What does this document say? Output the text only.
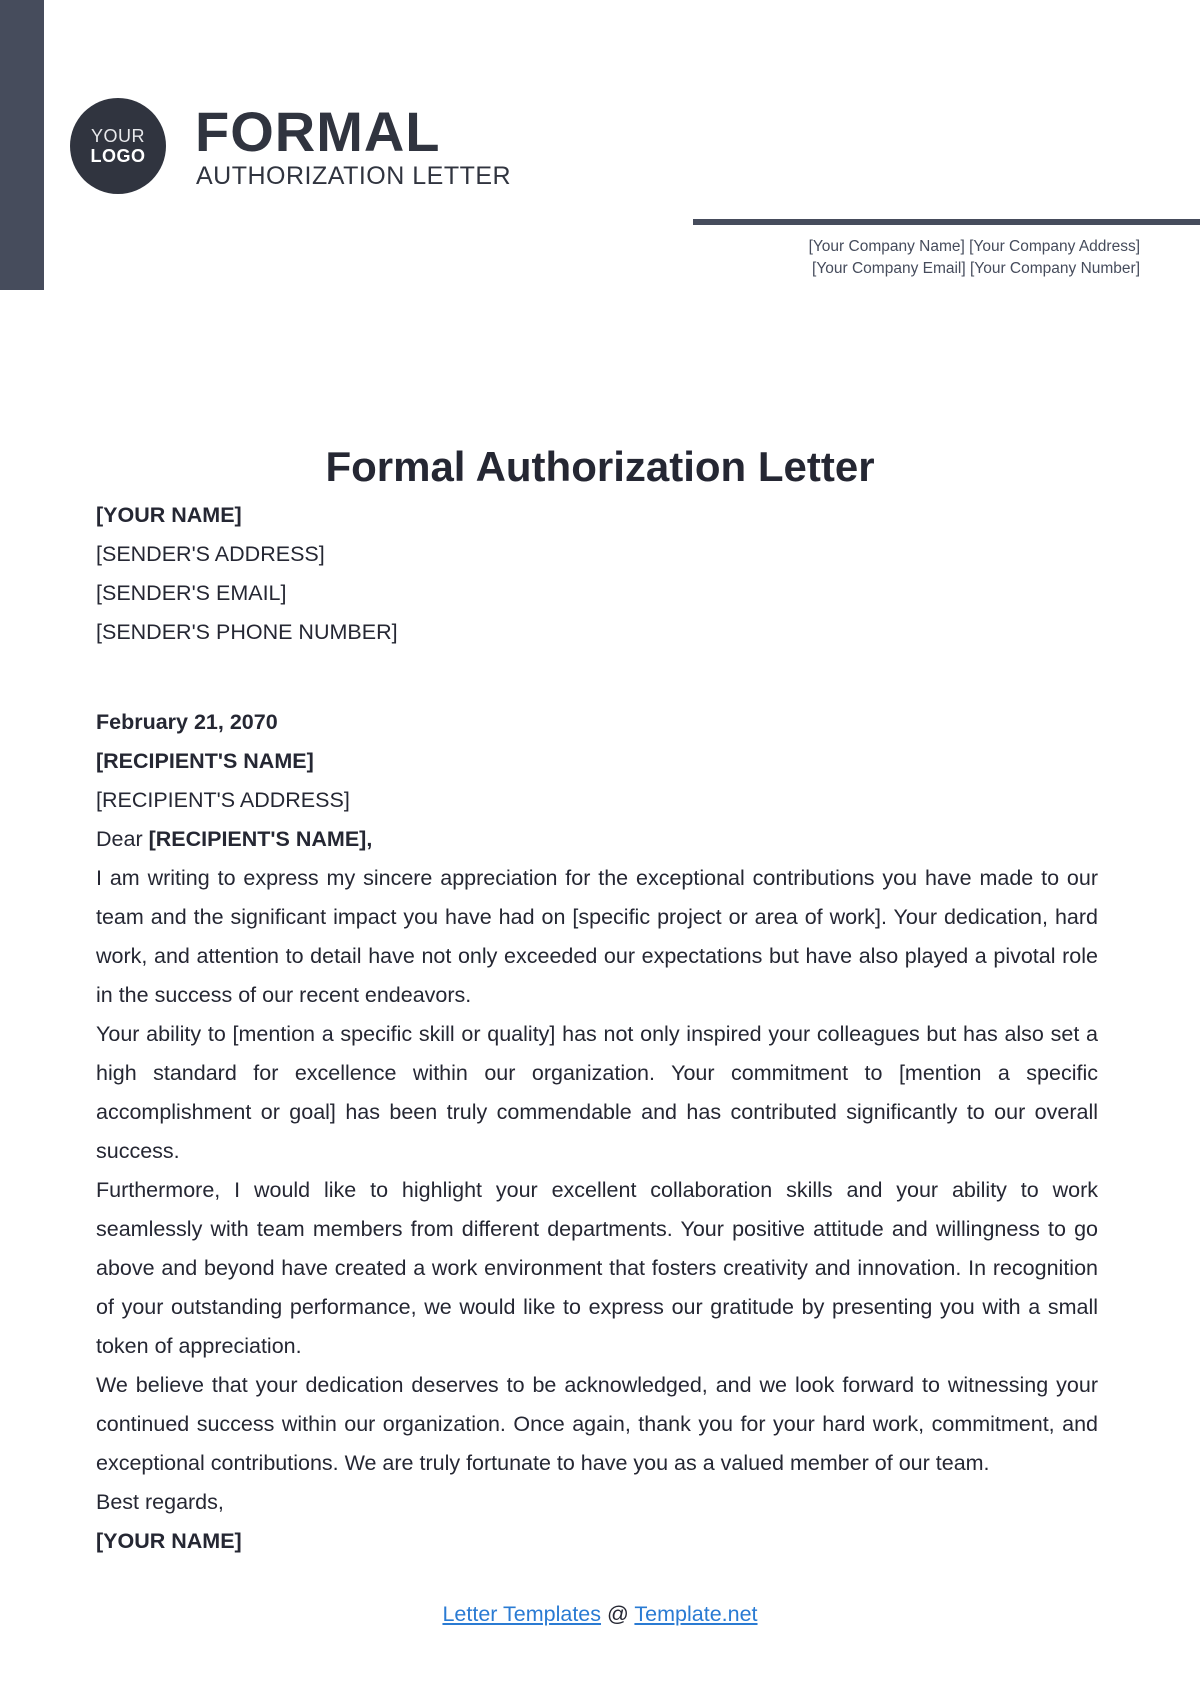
YOUR
LOGO FORMAL
AUTHORIZATION LETTER
[Your Company Name] [Your Company Address]
[Your Company Email] [Your Company Number]
Formal Authorization Letter
[YOUR NAME]
[SENDER'S ADDRESS]
[SENDER'S EMAIL]
[SENDER'S PHONE NUMBER]
February 21, 2070
[RECIPIENT'S NAME]
[RECIPIENT'S ADDRESS]
Dear [RECIPIENT'S NAME],

I am writing to express my sincere appreciation for the exceptional contributions you have made to our team and the significant impact you have had on [specific project or area of work]. Your dedication, hard work, and attention to detail have not only exceeded our expectations but have also played a pivotal role in the success of our recent endeavors.

Your ability to [mention a specific skill or quality] has not only inspired your colleagues but has also set a high standard for excellence within our organization. Your commitment to [mention a specific accomplishment or goal] has been truly commendable and has contributed significantly to our overall success.

Furthermore, I would like to highlight your excellent collaboration skills and your ability to work seamlessly with team members from different departments. Your positive attitude and willingness to go above and beyond have created a work environment that fosters creativity and innovation. In recognition of your outstanding performance, we would like to express our gratitude by presenting you with a small token of appreciation.

We believe that your dedication deserves to be acknowledged, and we look forward to witnessing your continued success within our organization. Once again, thank you for your hard work, commitment, and exceptional contributions. We are truly fortunate to have you as a valued member of our team.

Best regards,
[YOUR NAME]
Letter Templates @ Template.net
